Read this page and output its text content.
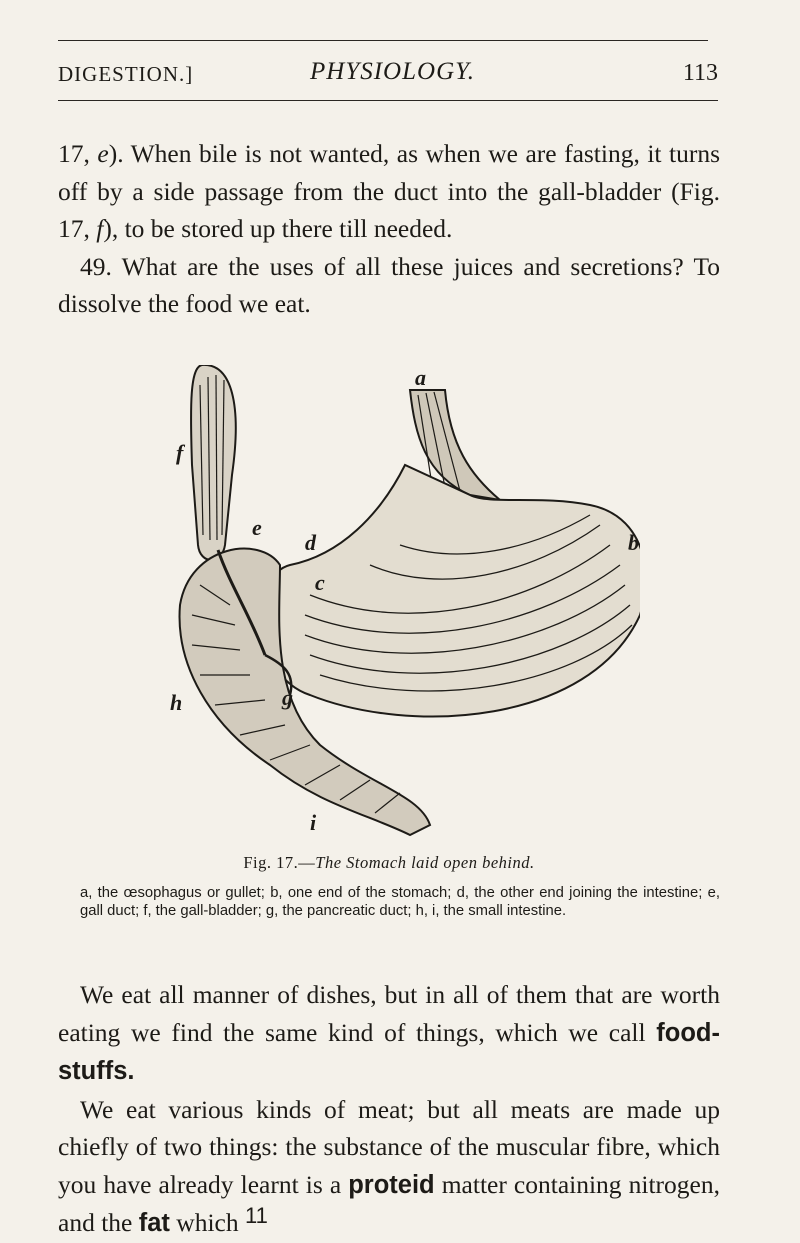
DIGESTION.]	PHYSIOLOGY.	113

17, e). When bile is not wanted, as when we are fasting, it turns off by a side passage from the duct into the gall-bladder (Fig. 17, f), to be stored up there till needed.

49. What are the uses of all these juices and secretions? To dissolve the food we eat.

a
b
c
d
e
f
g
h
i
Fig. 17.—The Stomach laid open behind.
a, the œsophagus or gullet; b, one end of the stomach; d, the other end joining the intestine; e, gall duct; f, the gall-bladder; g, the pancreatic duct; h, i, the small intestine.

We eat all manner of dishes, but in all of them that are worth eating we find the same kind of things, which we call food-stuffs.

We eat various kinds of meat; but all meats are made up chiefly of two things: the substance of the muscular fibre, which you have already learnt is a proteid matter containing nitrogen, and the fat which 11
